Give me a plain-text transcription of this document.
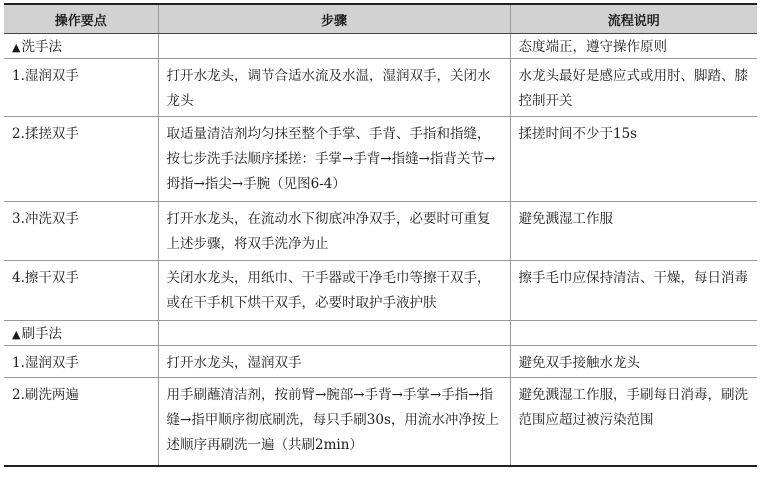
操作要点	步骤	流程说明
▲洗手法		态度端正，遵守操作原则
1.湿润双手	打开水龙头，调节合适水流及水温，湿润双手，关闭水龙头	水龙头最好是感应式或用肘、脚踏、膝控制开关
2.揉搓双手	取适量清洁剂均匀抹至整个手掌、手背、手指和指缝，按七步洗手法顺序揉搓：手掌→手背→指缝→指背关节→拇指→指尖→手腕（见图6-4）	揉搓时间不少于15s
3.冲洗双手	打开水龙头，在流动水下彻底冲净双手，必要时可重复上述步骤，将双手洗净为止	避免溅湿工作服
4.擦干双手	关闭水龙头，用纸巾、干手器或干净毛巾等擦干双手，或在干手机下烘干双手，必要时取护手液护肤	擦手毛巾应保持清洁、干燥，每日消毒
▲刷手法		
1.湿润双手	打开水龙头，湿润双手	避免双手接触水龙头
2.刷洗两遍	用手刷蘸清洁剂，按前臂→腕部→手背→手掌→手指→指缝→指甲顺序彻底刷洗，每只手刷30s，用流水冲净按上述顺序再刷洗一遍（共刷2min）	避免溅湿工作服，手刷每日消毒，刷洗范围应超过被污染范围
